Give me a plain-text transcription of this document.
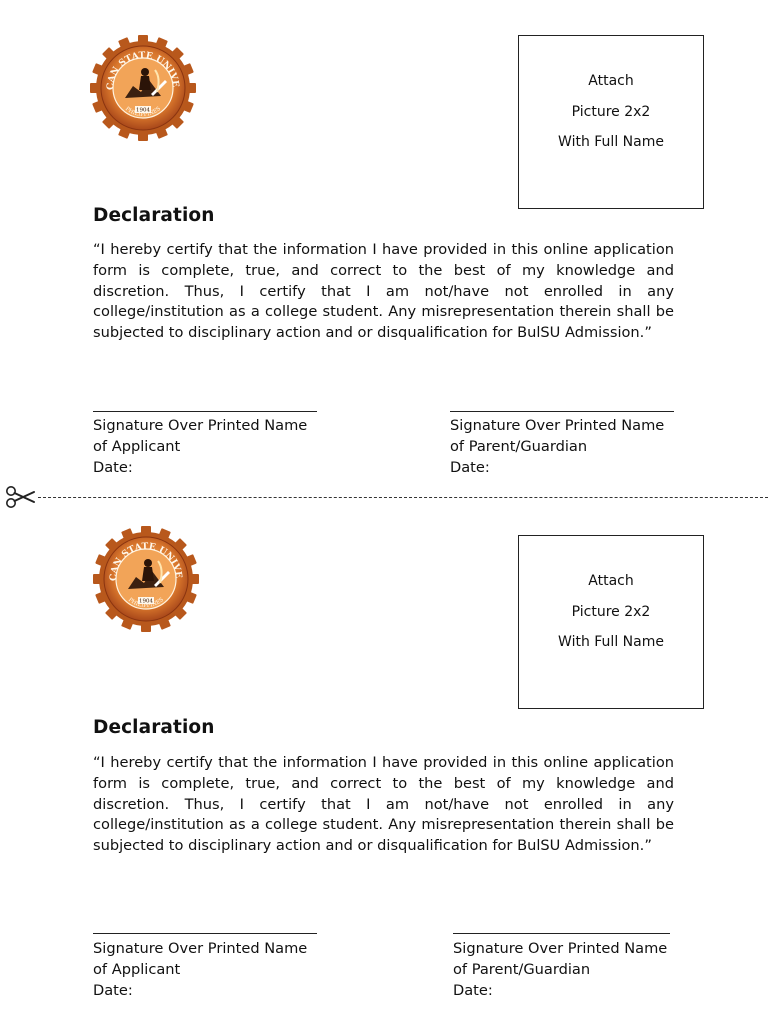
Attach
Picture 2x2
With Full Name
Declaration

“I hereby certify that the information I have provided in this online application form is complete, true, and correct to the best of my knowledge and discretion. Thus, I certify that I am not/have not enrolled in any college/institution as a college student. Any misrepresentation therein shall be subjected to disciplinary action and or disqualification for BulSU Admission.”

Signature Over Printed Name
of Applicant
Date:
Signature Over Printed Name
of Parent/Guardian
Date:
Attach
Picture 2x2
With Full Name
Declaration

“I hereby certify that the information I have provided in this online application form is complete, true, and correct to the best of my knowledge and discretion. Thus, I certify that I am not/have not enrolled in any college/institution as a college student. Any misrepresentation therein shall be subjected to disciplinary action and or disqualification for BulSU Admission.”

Signature Over Printed Name
of Applicant
Date:
Signature Over Printed Name
of Parent/Guardian
Date:
